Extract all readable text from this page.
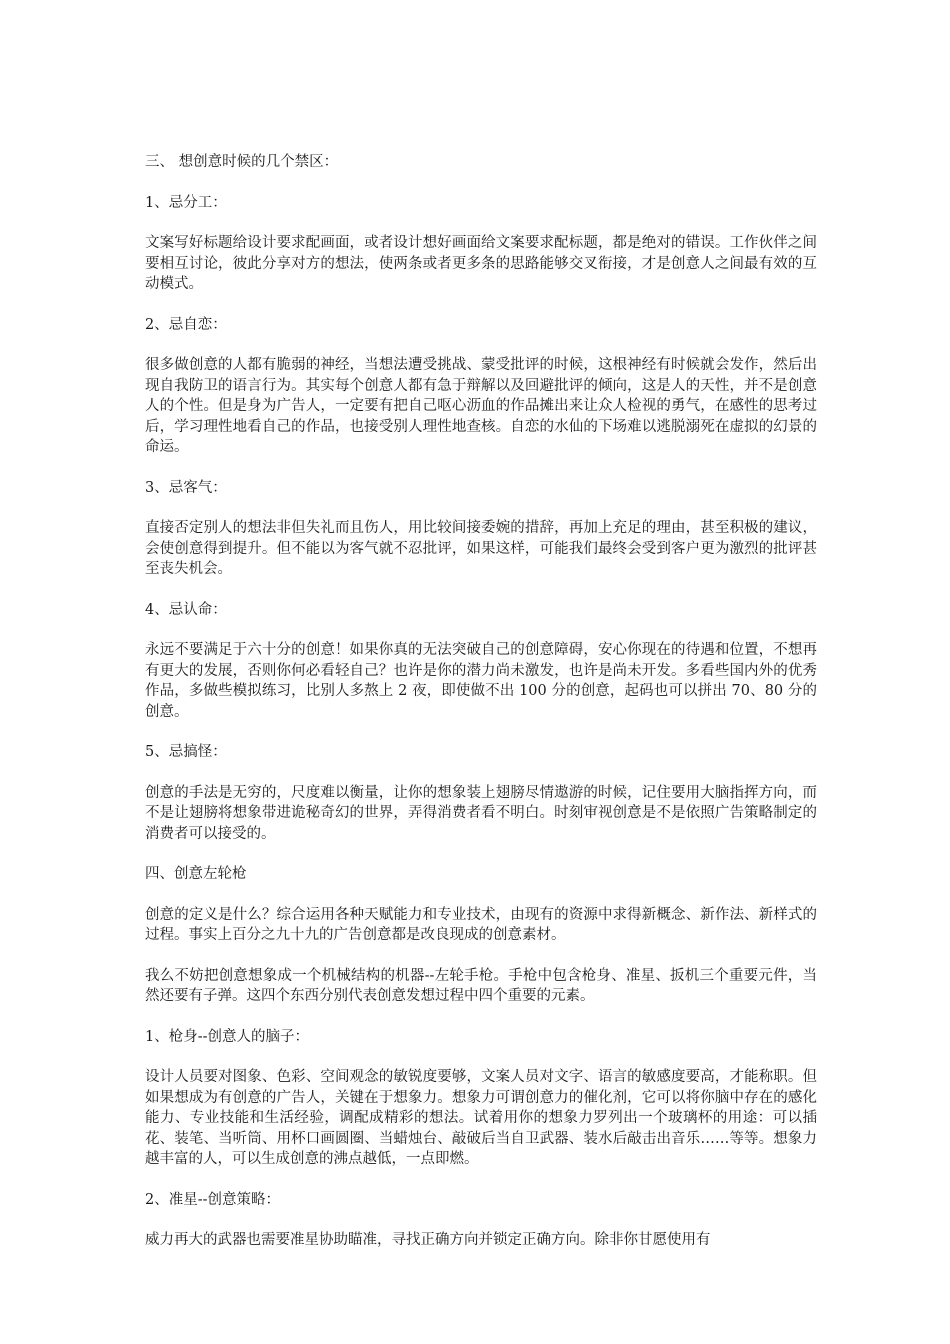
三、 想创意时候的几个禁区：
1、忌分工：
文案写好标题给设计要求配画面，或者设计想好画面给文案要求配标题，都是绝对的错误。工作伙伴之间要相互讨论，彼此分享对方的想法，使两条或者更多条的思路能够交叉衔接，才是创意人之间最有效的互动模式。
2、忌自恋：
很多做创意的人都有脆弱的神经，当想法遭受挑战、蒙受批评的时候，这根神经有时候就会发作，然后出现自我防卫的语言行为。其实每个创意人都有急于辩解以及回避批评的倾向，这是人的天性，并不是创意人的个性。但是身为广告人，一定要有把自己呕心沥血的作品摊出来让众人检视的勇气，在感性的思考过后，学习理性地看自己的作品，也接受别人理性地查核。自恋的水仙的下场难以逃脱溺死在虚拟的幻景的命运。
3、忌客气：
直接否定别人的想法非但失礼而且伤人，用比较间接委婉的措辞，再加上充足的理由，甚至积极的建议，会使创意得到提升。但不能以为客气就不忍批评，如果这样，可能我们最终会受到客户更为激烈的批评甚至丧失机会。
4、忌认命：
永远不要满足于六十分的创意！如果你真的无法突破自己的创意障碍，安心你现在的待遇和位置，不想再有更大的发展，否则你何必看轻自己？也许是你的潜力尚未激发，也许是尚未开发。多看些国内外的优秀作品，多做些模拟练习，比别人多熬上 2 夜，即使做不出 100 分的创意，起码也可以拼出 70、80 分的创意。
5、忌搞怪：
创意的手法是无穷的，尺度难以衡量，让你的想象装上翅膀尽情遨游的时候，记住要用大脑指挥方向，而不是让翅膀将想象带进诡秘奇幻的世界，弄得消费者看不明白。时刻审视创意是不是依照广告策略制定的消费者可以接受的。
四、创意左轮枪
创意的定义是什么？综合运用各种天赋能力和专业技术，由现有的资源中求得新概念、新作法、新样式的过程。事实上百分之九十九的广告创意都是改良现成的创意素材。
我么不妨把创意想象成一个机械结构的机器--左轮手枪。手枪中包含枪身、准星、扳机三个重要元件，当然还要有子弹。这四个东西分别代表创意发想过程中四个重要的元素。
1、枪身--创意人的脑子：
设计人员要对图象、色彩、空间观念的敏锐度要够，文案人员对文字、语言的敏感度要高，才能称职。但如果想成为有创意的广告人，关键在于想象力。想象力可谓创意力的催化剂，它可以将你脑中存在的感化能力、专业技能和生活经验，调配成精彩的想法。试着用你的想象力罗列出一个玻璃杯的用途：可以插花、装笔、当听筒、用杯口画圆圈、当蜡烛台、敲破后当自卫武器、装水后敲击出音乐……等等。想象力越丰富的人，可以生成创意的沸点越低，一点即燃。
2、准星--创意策略：
威力再大的武器也需要准星协助瞄准，寻找正确方向并锁定正确方向。除非你甘愿使用有
